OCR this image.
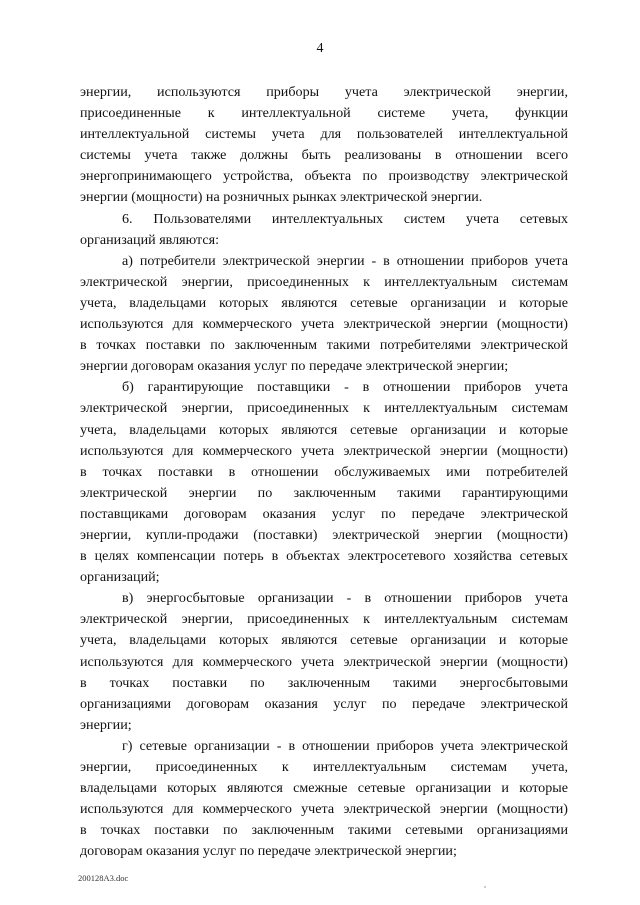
4
энергии, используются приборы учета электрической энергии,
присоединенные к интеллектуальной системе учета, функции
интеллектуальной системы учета для пользователей интеллектуальной
системы учета также должны быть реализованы в отношении всего
энергопринимающего устройства, объекта по производству электрической
энергии (мощности) на розничных рынках электрической энергии.
6. Пользователями интеллектуальных систем учета сетевых
организаций являются:
а) потребители электрической энергии - в отношении приборов учета
электрической энергии, присоединенных к интеллектуальным системам
учета, владельцами которых являются сетевые организации и которые
используются для коммерческого учета электрической энергии (мощности)
в точках поставки по заключенным такими потребителями электрической
энергии договорам оказания услуг по передаче электрической энергии;
б) гарантирующие поставщики - в отношении приборов учета
электрической энергии, присоединенных к интеллектуальным системам
учета, владельцами которых являются сетевые организации и которые
используются для коммерческого учета электрической энергии (мощности)
в точках поставки в отношении обслуживаемых ими потребителей
электрической энергии по заключенным такими гарантирующими
поставщиками договорам оказания услуг по передаче электрической
энергии, купли-продажи (поставки) электрической энергии (мощности)
в целях компенсации потерь в объектах электросетевого хозяйства сетевых
организаций;
в) энергосбытовые организации - в отношении приборов учета
электрической энергии, присоединенных к интеллектуальным системам
учета, владельцами которых являются сетевые организации и которые
используются для коммерческого учета электрической энергии (мощности)
в точках поставки по заключенным такими энергосбытовыми
организациями договорам оказания услуг по передаче электрической
энергии;
г) сетевые организации - в отношении приборов учета электрической
энергии, присоединенных к интеллектуальным системам учета,
владельцами которых являются смежные сетевые организации и которые
используются для коммерческого учета электрической энергии (мощности)
в точках поставки по заключенным такими сетевыми организациями
договорам оказания услуг по передаче электрической энергии;
200128A3.doc
